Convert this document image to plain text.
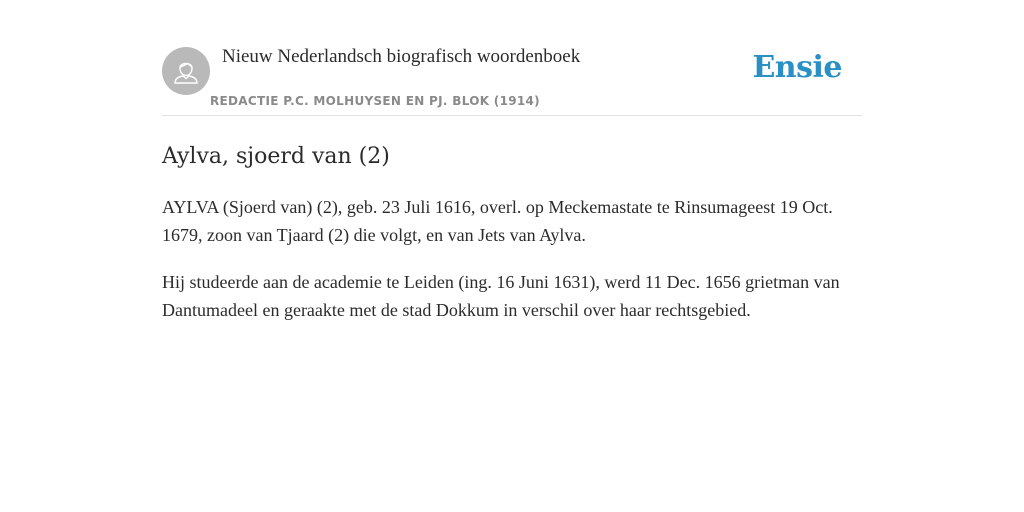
Nieuw Nederlandsch biografisch woordenboek
REDACTIE P.C. MOLHUYSEN EN PJ. BLOK (1914)
Ensie
Aylva, sjoerd van (2)

AYLVA (Sjoerd van) (2), geb. 23 Juli 1616, overl. op Meckemastate te Rinsumageest 19 Oct. 1679, zoon van Tjaard (2) die volgt, en van Jets van Aylva.

Hij studeerde aan de academie te Leiden (ing. 16 Juni 1631), werd 11 Dec. 1656 grietman van Dantumadeel en geraakte met de stad Dokkum in verschil over haar rechtsgebied.
